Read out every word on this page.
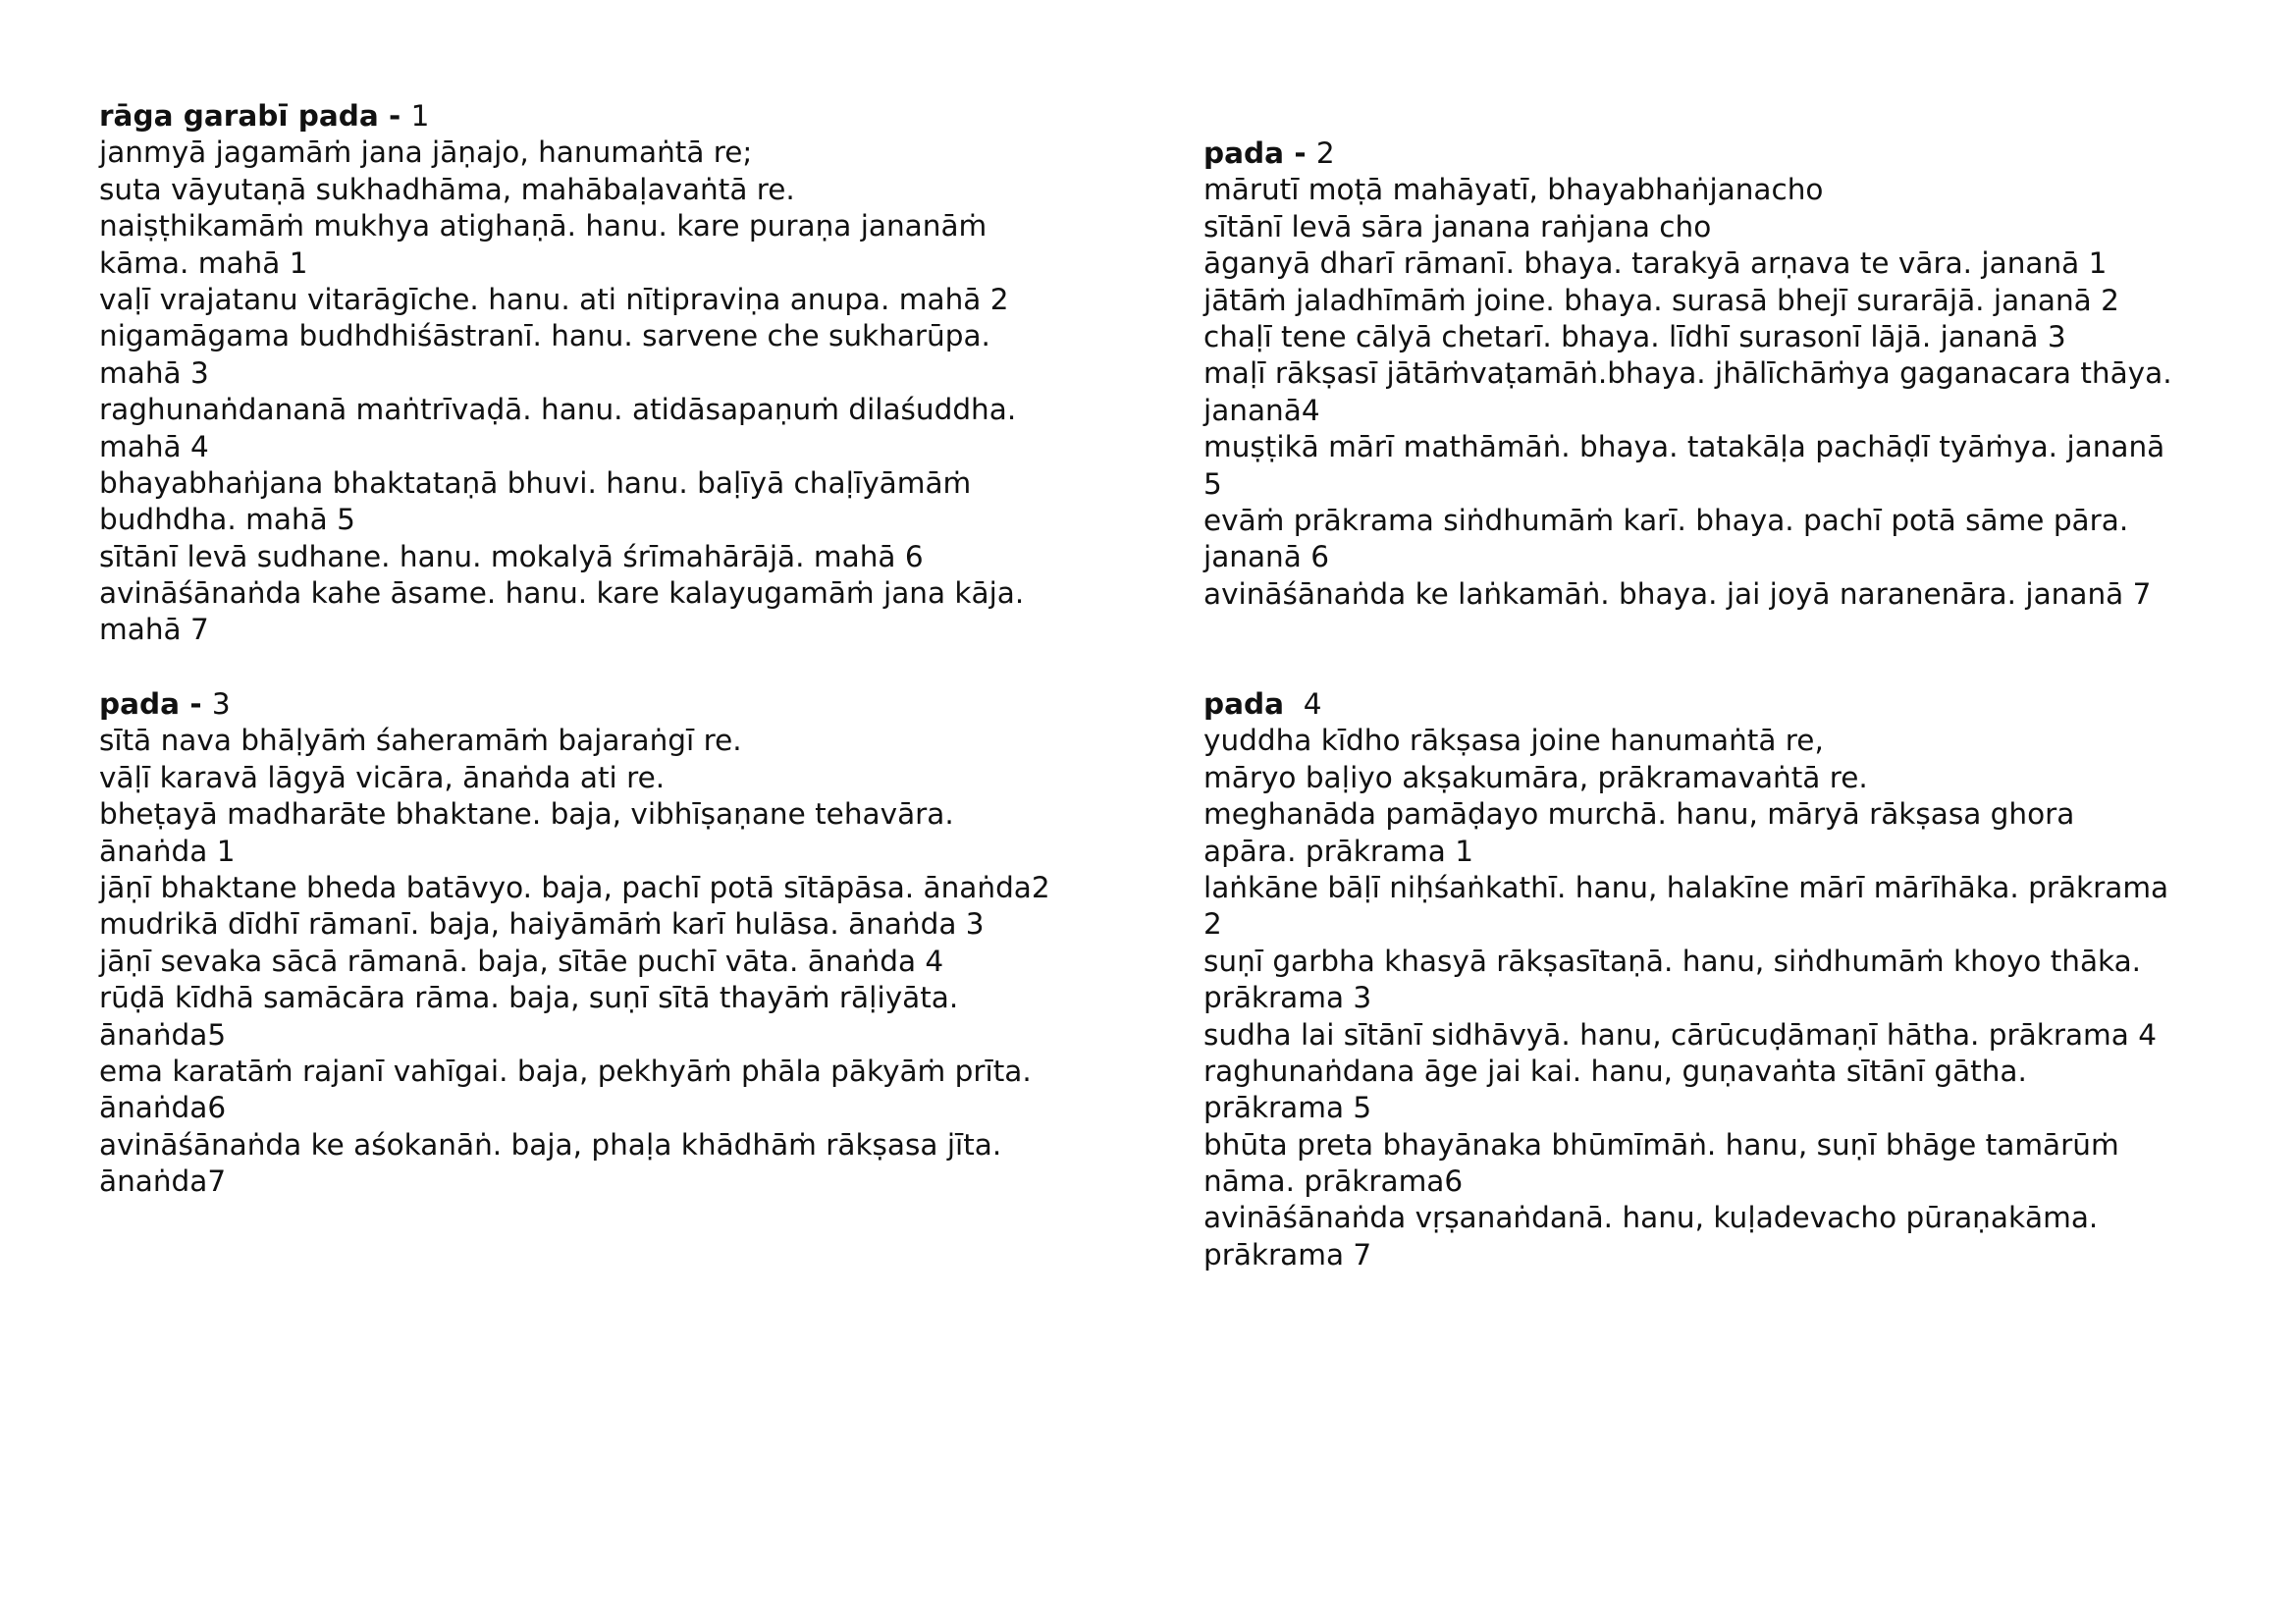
rāga garabī pada - 1
janmyā jagamāṁ jana jāṇajo, hanumaṅtā re;
suta vāyutaṇā sukhadhāma, mahābaḷavaṅtā re.
naiṣṭhikamāṁ mukhya atighaṇā. hanu. kare puraṇa jananāṁ
kāma. mahā 1
vaḷī vrajatanu vitarāgīche. hanu. ati nītipraviṇa anupa. mahā 2
nigamāgama budhdhiśāstranī. hanu. sarvene che sukharūpa.
mahā 3
raghunaṅdananā maṅtrīvaḍā. hanu. atidāsapaṇuṁ dilaśuddha.
mahā 4
bhayabhaṅjana bhaktataṇā bhuvi. hanu. baḷīyā chaḷīyāmāṁ
budhdha. mahā 5
sītānī levā sudhane. hanu. mokalyā śrīmahārājā. mahā 6
avināśānaṅda kahe āsame. hanu. kare kalayugamāṁ jana kāja.
mahā 7
pada - 2
mārutī moṭā mahāyatī, bhayabhaṅjanacho
sītānī levā sāra janana raṅjana cho
āganyā dharī rāmanī. bhaya. tarakyā arṇava te vāra. jananā 1
jātāṁ jaladhīmāṁ joine. bhaya. surasā bhejī surarājā. jananā 2
chaḷī tene cālyā chetarī. bhaya. līdhī surasonī lājā. jananā 3
maḷī rākṣasī jātāṁvaṭamāṅ.bhaya. jhālīchāṁya gaganacara thāya.
jananā4
muṣṭikā mārī mathāmāṅ. bhaya. tatakāḷa pachāḍī tyāṁya. jananā
5
evāṁ prākrama siṅdhumāṁ karī. bhaya. pachī potā sāme pāra.
jananā 6
avināśānaṅda ke laṅkamāṅ. bhaya. jai joyā naranenāra. jananā 7
pada - 3
sītā nava bhāḷyāṁ śaheramāṁ bajaraṅgī re.
vāḷī karavā lāgyā vicāra, ānaṅda ati re.
bheṭayā madharāte bhaktane. baja, vibhīṣaṇane tehavāra.
ānaṅda 1
jāṇī bhaktane bheda batāvyo. baja, pachī potā sītāpāsa. ānaṅda2
mudrikā dīdhī rāmanī. baja, haiyāmāṁ karī hulāsa. ānaṅda 3
jāṇī sevaka sācā rāmanā. baja, sītāe puchī vāta. ānaṅda 4
rūḍā kīdhā samācāra rāma. baja, suṇī sītā thayāṁ rāḷiyāta.
ānaṅda5
ema karatāṁ rajanī vahīgai. baja, pekhyāṁ phāla pākyāṁ prīta.
ānaṅda6
avināśānaṅda ke aśokanāṅ. baja, phaḷa khādhāṁ rākṣasa jīta.
ānaṅda7
pada  4
yuddha kīdho rākṣasa joine hanumaṅtā re,
māryo baḷiyo akṣakumāra, prākramavaṅtā re.
meghanāda pamāḍayo murchā. hanu, māryā rākṣasa ghora
apāra. prākrama 1
laṅkāne bāḷī niḥśaṅkathī. hanu, halakīne mārī mārīhāka. prākrama
2
suṇī garbha khasyā rākṣasītaṇā. hanu, siṅdhumāṁ khoyo thāka.
prākrama 3
sudha lai sītānī sidhāvyā. hanu, cārūcuḍāmaṇī hātha. prākrama 4
raghunaṅdana āge jai kai. hanu, guṇavaṅta sītānī gātha.
prākrama 5
bhūta preta bhayānaka bhūmīmāṅ. hanu, suṇī bhāge tamārūṁ
nāma. prākrama6
avināśānaṅda vṛṣanaṅdanā. hanu, kuḷadevacho pūraṇakāma.
prākrama 7
